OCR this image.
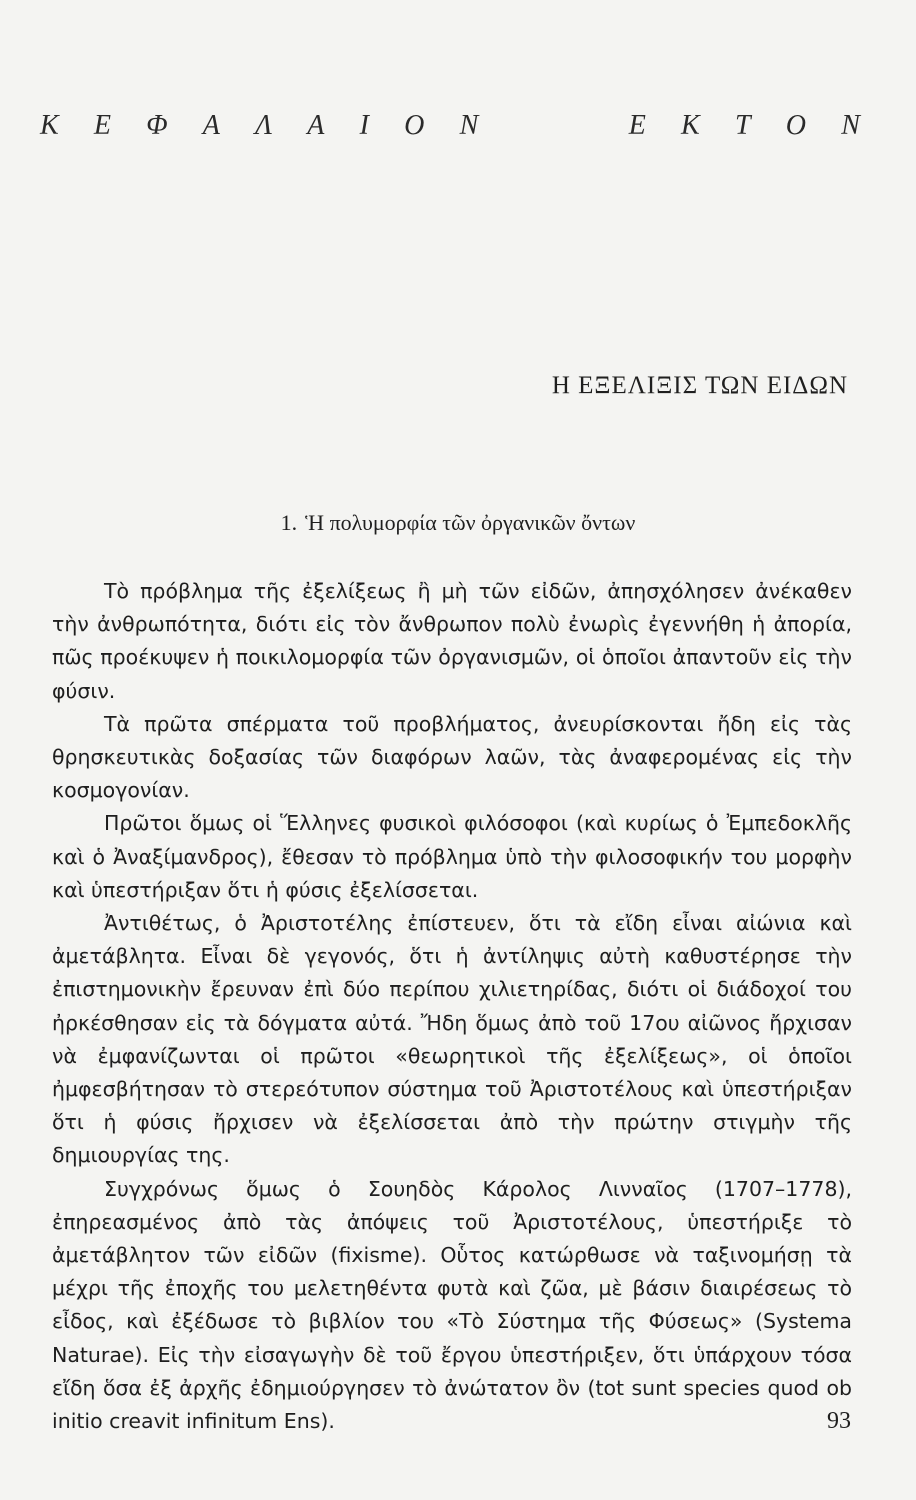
Κ Ε Φ Α Λ Α Ι Ο Ν	Ε Κ Τ Ο Ν
Η ΕΞΕΛΙΞΙΣ ΤΩΝ ΕΙΔΩΝ
1. Ἡ πολυμορφία τῶν ὀργανικῶν ὄντων

Τὸ πρόβλημα τῆς ἐξελίξεως ἢ μὴ τῶν εἰδῶν, ἀπησχόλησεν ἀνέκαθεν τὴν ἀνθρωπότητα, διότι εἰς τὸν ἄνθρωπον πολὺ ἐνωρὶς ἐγεννήθη ἡ ἀπορία, πῶς προέκυψεν ἡ ποικιλομορφία τῶν ὀργανισμῶν, οἱ ὁποῖοι ἀπαντοῦν εἰς τὴν φύσιν.

Τὰ πρῶτα σπέρματα τοῦ προβλήματος, ἀνευρίσκονται ἤδη εἰς τὰς θρησκευτικὰς δοξασίας τῶν διαφόρων λαῶν, τὰς ἀναφερομένας εἰς τὴν κοσμογονίαν.

Πρῶτοι ὅμως οἱ Ἕλληνες φυσικοὶ φιλόσοφοι (καὶ κυρίως ὁ Ἐμπεδοκλῆς καὶ ὁ Ἀναξίμανδρος), ἔθεσαν τὸ πρόβλημα ὑπὸ τὴν φιλοσοφικήν του μορφὴν καὶ ὑπεστήριξαν ὅτι ἡ φύσις ἐξελίσσεται.

Ἀντιθέτως, ὁ Ἀριστοτέλης ἐπίστευεν, ὅτι τὰ εἴδη εἶναι αἰώνια καὶ ἀμετάβλητα. Εἶναι δὲ γεγονός, ὅτι ἡ ἀντίληψις αὐτὴ καθυστέρησε τὴν ἐπιστημονικὴν ἔρευναν ἐπὶ δύο περίπου χιλιετηρίδας, διότι οἱ διάδοχοί του ἠρκέσθησαν εἰς τὰ δόγματα αὐτά. Ἤδη ὅμως ἀπὸ τοῦ 17ου αἰῶνος ἤρχισαν νὰ ἐμφανίζωνται οἱ πρῶτοι «θεωρητικοὶ τῆς ἐξελίξεως», οἱ ὁποῖοι ἠμφεσβήτησαν τὸ στερεότυπον σύστημα τοῦ Ἀριστοτέλους καὶ ὑπεστήριξαν ὅτι ἡ φύσις ἤρχισεν νὰ ἐξελίσσεται ἀπὸ τὴν πρώτην στιγμὴν τῆς δημιουργίας της.

Συγχρόνως ὅμως ὁ Σουηδὸς Κάρολος Λινναῖος (1707–1778), ἐπηρεασμένος ἀπὸ τὰς ἀπόψεις τοῦ Ἀριστοτέλους, ὑπεστήριξε τὸ ἀμετάβλητον τῶν εἰδῶν (fixisme). Οὗτος κατώρθωσε νὰ ταξινομήσῃ τὰ μέχρι τῆς ἐποχῆς του μελετηθέντα φυτὰ καὶ ζῶα, μὲ βάσιν διαιρέσεως τὸ εἶδος, καὶ ἐξέδωσε τὸ βιβλίον του «Τὸ Σύστημα τῆς Φύσεως» (Systema Naturae). Εἰς τὴν εἰσαγωγὴν δὲ τοῦ ἔργου ὑπεστήριξεν, ὅτι ὑπάρχουν τόσα εἴδη ὅσα ἐξ ἀρχῆς ἐδημιούργησεν τὸ ἀνώτατον ὂν (tot sunt species quod ob initio creavit infinitum Ens).	93
